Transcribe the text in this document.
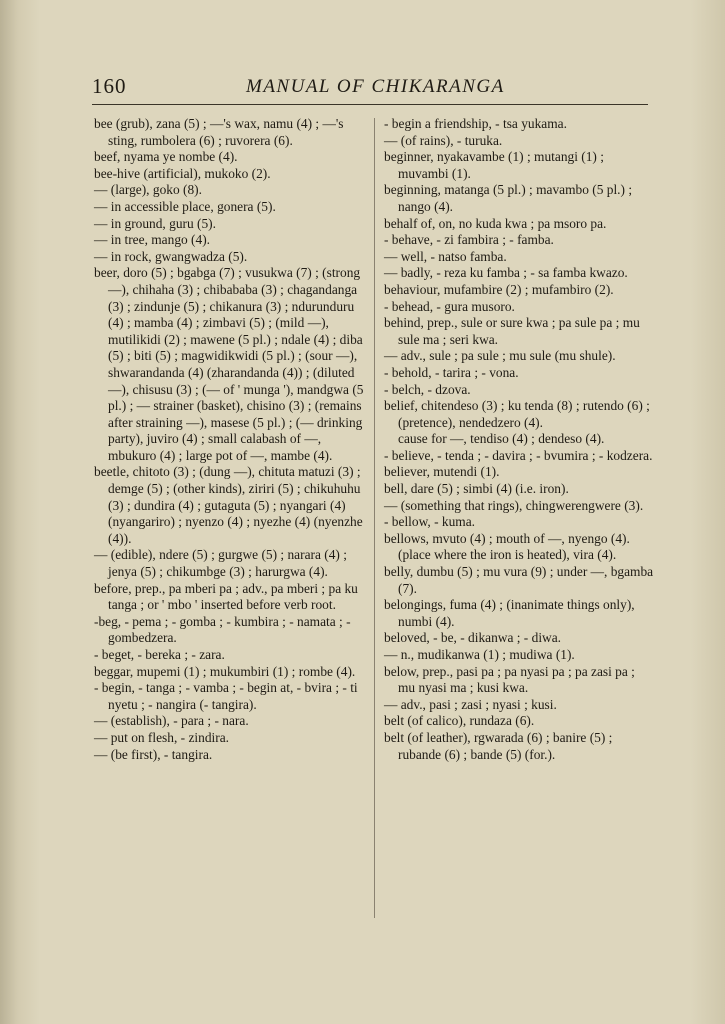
160	MANUAL OF CHIKARANGA

bee (grub), zana (5) ; —'s wax, namu (4) ; —'s sting, rumbolera (6) ; ruvorera (6).

beef, nyama ye nombe (4).

bee-hive (artificial), mukoko (2).

— (large), goko (8).

— in accessible place, gonera (5).

— in ground, guru (5).

— in tree, mango (4).

— in rock, gwangwadza (5).

beer, doro (5) ; bgabga (7) ; vusukwa (7) ; (strong —), chihaha (3) ; chibababa (3) ; chagandanga (3) ; zindunje (5) ; chikanura (3) ; ndurunduru (4) ; mamba (4) ; zimbavi (5) ; (mild —), mutilikidi (2) ; mawene (5 pl.) ; ndale (4) ; diba (5) ; biti (5) ; magwidikwidi (5 pl.) ; (sour —), shwarandanda (4) (zharandanda (4)) ; (diluted —), chisusu (3) ; (— of ' munga '), mandgwa (5 pl.) ; — strainer (basket), chisino (3) ; (remains after straining —), masese (5 pl.) ; (— drinking party), juviro (4) ; small calabash of —, mbukuro (4) ; large pot of —, mambe (4).

beetle, chitoto (3) ; (dung —), chituta matuzi (3) ; demge (5) ; (other kinds), ziriri (5) ; chikuhuhu (3) ; dundira (4) ; gutaguta (5) ; nyangari (4) (nyangariro) ; nyenzo (4) ; nyezhe (4) (nyenzhe (4)).

— (edible), ndere (5) ; gurgwe (5) ; narara (4) ; jenya (5) ; chikumbge (3) ; harurgwa (4).

before, prep., pa mberi pa ; adv., pa mberi ; pa ku tanga ; or ' mbo ' inserted before verb root.

-beg, - pema ; - gomba ; - kumbira ; - namata ; - gombedzera.

- beget, - bereka ; - zara.

beggar, mupemi (1) ; mukumbiri (1) ; rombe (4).

- begin, - tanga ; - vamba ; - begin at, - bvira ; - ti nyetu ; - nangira (- tangira).

— (establish), - para ; - nara.

— put on flesh, - zindira.

— (be first), - tangira.

- begin a friendship, - tsa yukama.

— (of rains), - turuka.

beginner, nyakavambe (1) ; mutangi (1) ; muvambi (1).

beginning, matanga (5 pl.) ; mavambo (5 pl.) ; nango (4).

behalf of, on, no kuda kwa ; pa msoro pa.

- behave, - zi fambira ; - famba.

— well, - natso famba.

— badly, - reza ku famba ; - sa famba kwazo.

behaviour, mufambire (2) ; mufambiro (2).

- behead, - gura musoro.

behind, prep., sule or sure kwa ; pa sule pa ; mu sule ma ; seri kwa.

— adv., sule ; pa sule ; mu sule (mu shule).

- behold, - tarira ; - vona.

- belch, - dzova.

belief, chitendeso (3) ; ku tenda (8) ; rutendo (6) ; (pretence), nendedzero (4).

cause for —, tendiso (4) ; dendeso (4).

- believe, - tenda ; - davira ; - bvumira ; - kodzera.

believer, mutendi (1).

bell, dare (5) ; simbi (4) (i.e. iron).

— (something that rings), chingwerengwere (3).

- bellow, - kuma.

bellows, mvuto (4) ; mouth of —, nyengo (4).

(place where the iron is heated), vira (4).

belly, dumbu (5) ; mu vura (9) ; under —, bgamba (7).

belongings, fuma (4) ; (inanimate things only), numbi (4).

beloved, - be, - dikanwa ; - diwa.

— n., mudikanwa (1) ; mudiwa (1).

below, prep., pasi pa ; pa nyasi pa ; pa zasi pa ; mu nyasi ma ; kusi kwa.

— adv., pasi ; zasi ; nyasi ; kusi.

belt (of calico), rundaza (6).

belt (of leather), rgwarada (6) ; banire (5) ; rubande (6) ; bande (5) (for.).
